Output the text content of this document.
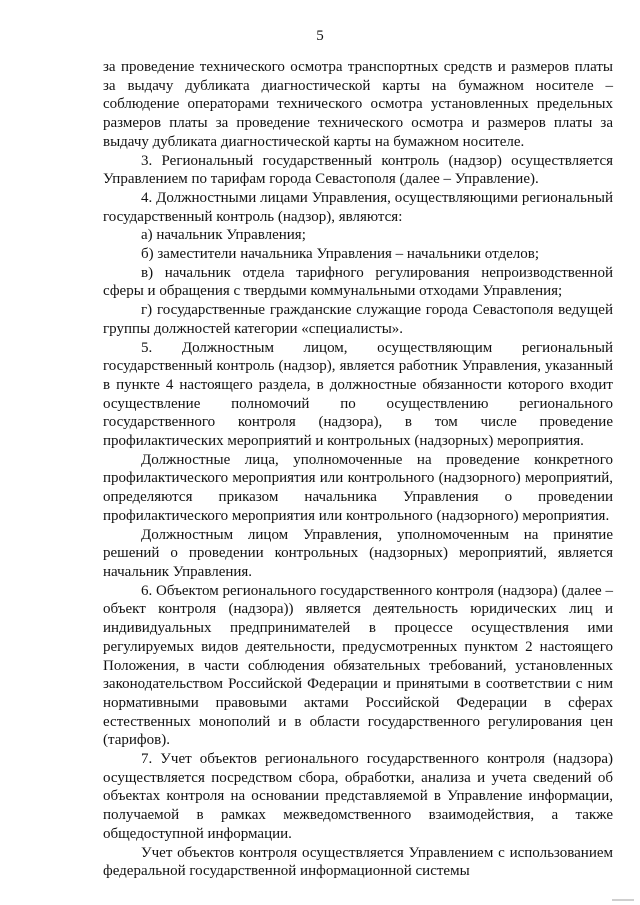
5

за проведение технического осмотра транспортных средств и размеров платы за выдачу дубликата диагностической карты на бумажном носителе – соблюдение операторами технического осмотра установленных предельных размеров платы за проведение технического осмотра и размеров платы за выдачу дубликата диагностической карты на бумажном носителе.

3. Региональный государственный контроль (надзор) осуществляется Управлением по тарифам города Севастополя (далее – Управление).

4. Должностными лицами Управления, осуществляющими региональный государственный контроль (надзор), являются:

а) начальник Управления;

б) заместители начальника Управления – начальники отделов;

в) начальник отдела тарифного регулирования непроизводственной сферы и обращения с твердыми коммунальными отходами Управления;

г) государственные гражданские служащие города Севастополя ведущей группы должностей категории «специалисты».

5. Должностным лицом, осуществляющим региональный государственный контроль (надзор), является работник Управления, указанный в пункте 4 настоящего раздела, в должностные обязанности которого входит осуществление полномочий по осуществлению регионального государственного контроля (надзора), в том числе проведение профилактических мероприятий и контрольных (надзорных) мероприятия.

Должностные лица, уполномоченные на проведение конкретного профилактического мероприятия или контрольного (надзорного) мероприятий, определяются приказом начальника Управления о проведении профилактического мероприятия или контрольного (надзорного) мероприятия.

Должностным лицом Управления, уполномоченным на принятие решений о проведении контрольных (надзорных) мероприятий, является начальник Управления.

6. Объектом регионального государственного контроля (надзора) (далее – объект контроля (надзора)) является деятельность юридических лиц и индивидуальных предпринимателей в процессе осуществления ими регулируемых видов деятельности, предусмотренных пунктом 2 настоящего Положения, в части соблюдения обязательных требований, установленных законодательством Российской Федерации и принятыми в соответствии с ним нормативными правовыми актами Российской Федерации в сферах естественных монополий и в области государственного регулирования цен (тарифов).

7. Учет объектов регионального государственного контроля (надзора) осуществляется посредством сбора, обработки, анализа и учета сведений об объектах контроля на основании представляемой в Управление информации, получаемой в рамках межведомственного взаимодействия, а также общедоступной информации.

Учет объектов контроля осуществляется Управлением с использованием федеральной государственной информационной системы
